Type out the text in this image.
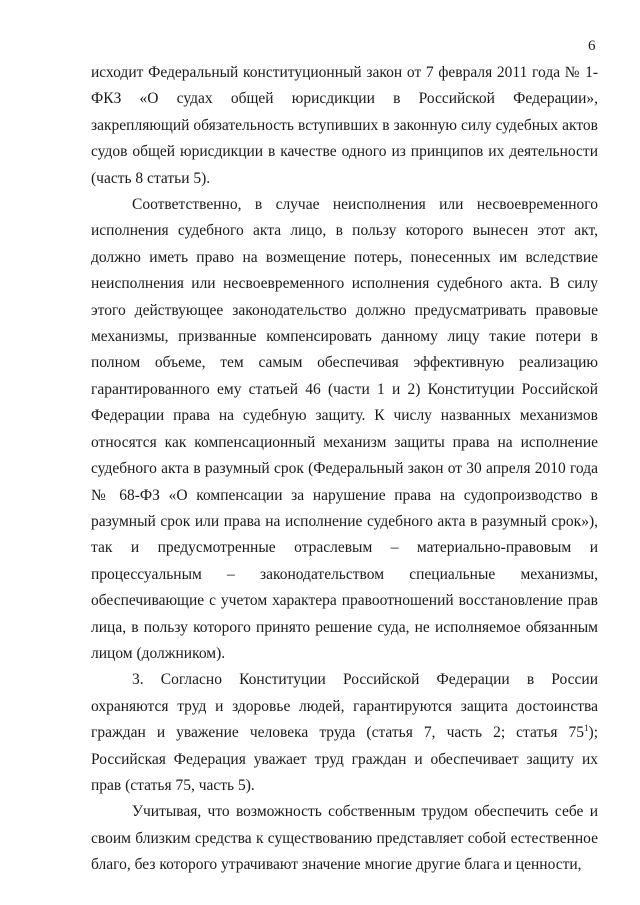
6

исходит Федеральный конституционный закон от 7 февраля 2011 года № 1-ФКЗ «О судах общей юрисдикции в Российской Федерации», закрепляющий обязательность вступивших в законную силу судебных актов судов общей юрисдикции в качестве одного из принципов их деятельности (часть 8 статьи 5).

Соответственно, в случае неисполнения или несвоевременного исполнения судебного акта лицо, в пользу которого вынесен этот акт, должно иметь право на возмещение потерь, понесенных им вследствие неисполнения или несвоевременного исполнения судебного акта. В силу этого действующее законодательство должно предусматривать правовые механизмы, призванные компенсировать данному лицу такие потери в полном объеме, тем самым обеспечивая эффективную реализацию гарантированного ему статьей 46 (части 1 и 2) Конституции Российской Федерации права на судебную защиту. К числу названных механизмов относятся как компенсационный механизм защиты права на исполнение судебного акта в разумный срок (Федеральный закон от 30 апреля 2010 года № 68-ФЗ «О компенсации за нарушение права на судопроизводство в разумный срок или права на исполнение судебного акта в разумный срок»), так и предусмотренные отраслевым – материально-правовым и процессуальным – законодательством специальные механизмы, обеспечивающие с учетом характера правоотношений восстановление прав лица, в пользу которого принято решение суда, не исполняемое обязанным лицом (должником).

3. Согласно Конституции Российской Федерации в России охраняются труд и здоровье людей, гарантируются защита достоинства граждан и уважение человека труда (статья 7, часть 2; статья $75^1$); Российская Федерация уважает труд граждан и обеспечивает защиту их прав (статья 75, часть 5).

Учитывая, что возможность собственным трудом обеспечить себе и своим близким средства к существованию представляет собой естественное благо, без которого утрачивают значение многие другие блага и ценности,
